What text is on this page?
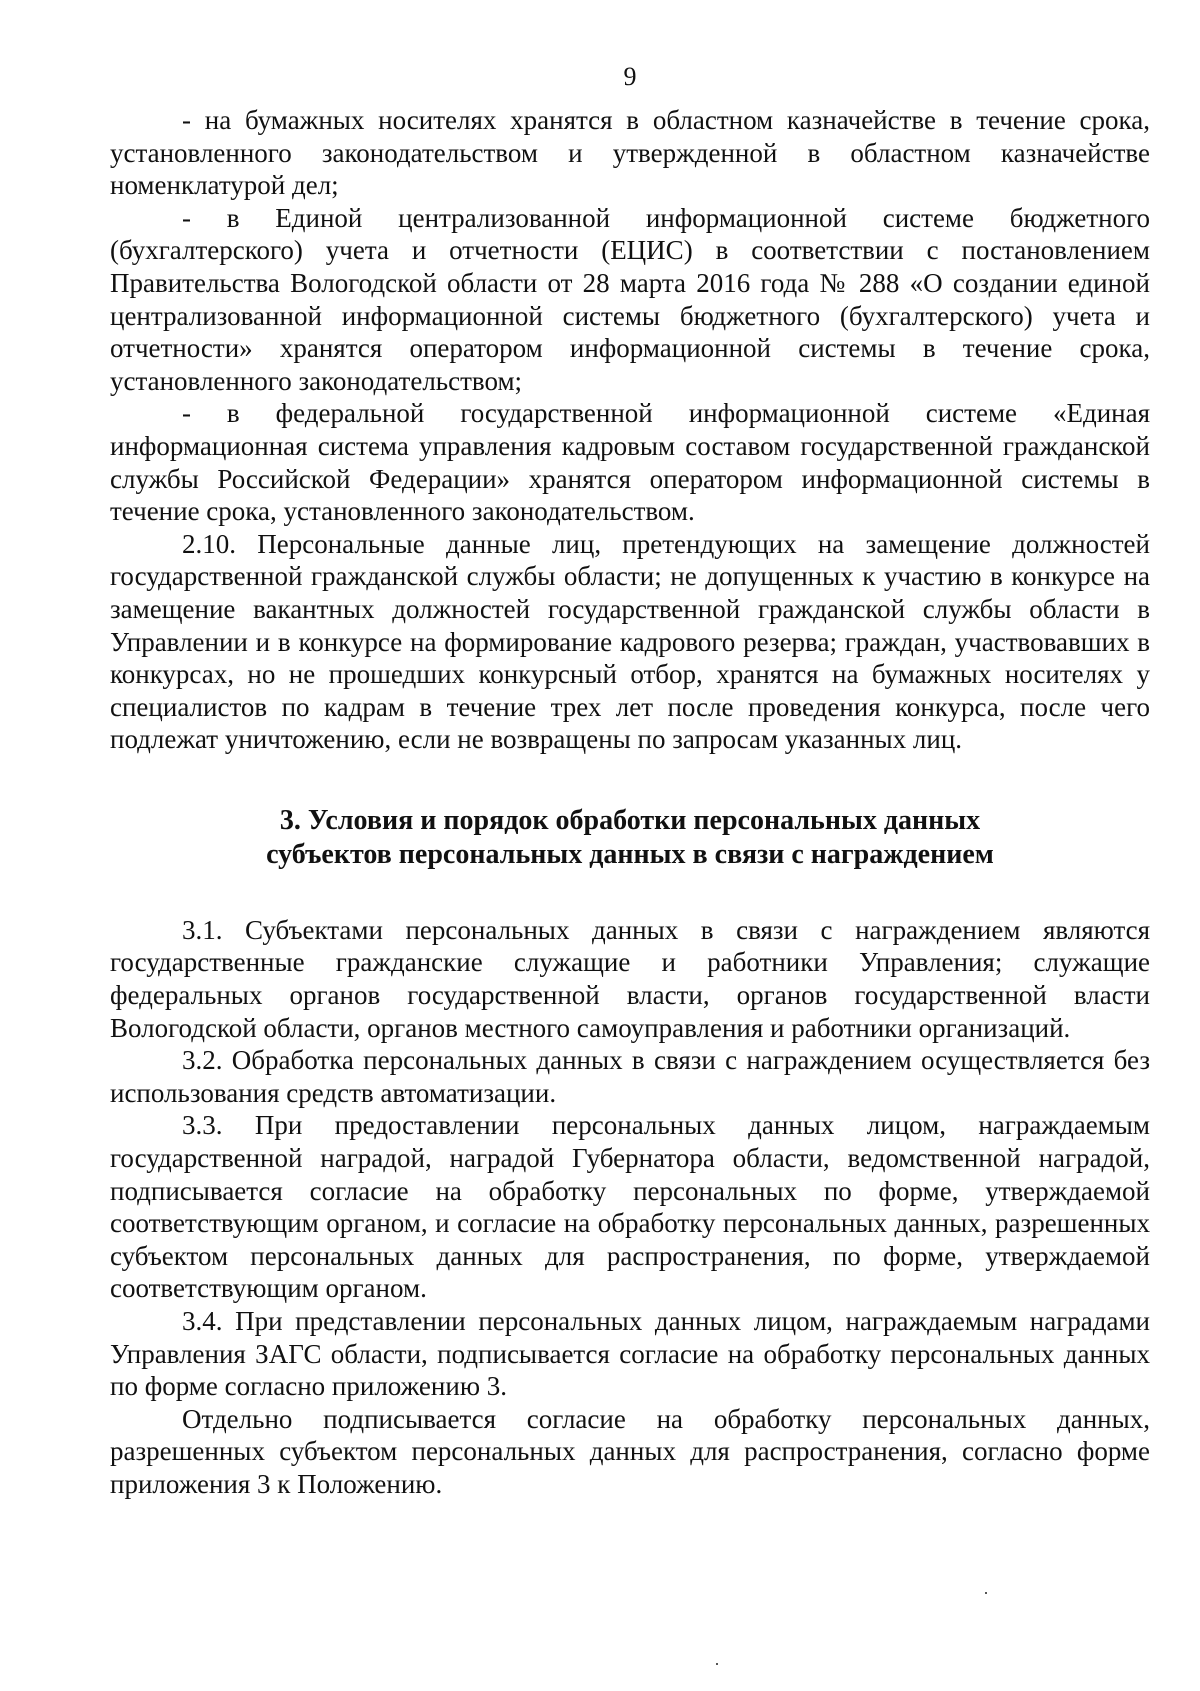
9

- на бумажных носителях хранятся в областном казначействе в течение срока, установленного законодательством и утвержденной в областном казначействе номенклатурой дел;

- в Единой централизованной информационной системе бюджетного (бухгалтерского) учета и отчетности (ЕЦИС) в соответствии с постановлением Правительства Вологодской области от 28 марта 2016 года № 288 «О создании единой централизованной информационной системы бюджетного (бухгалтерского) учета и отчетности» хранятся оператором информационной системы в течение срока, установленного законодательством;

- в федеральной государственной информационной системе «Единая информационная система управления кадровым составом государственной гражданской службы Российской Федерации» хранятся оператором информационной системы в течение срока, установленного законодательством.

2.10. Персональные данные лиц, претендующих на замещение должностей государственной гражданской службы области; не допущенных к участию в конкурсе на замещение вакантных должностей государственной гражданской службы области в Управлении и в конкурсе на формирование кадрового резерва; граждан, участвовавших в конкурсах, но не прошедших конкурсный отбор, хранятся на бумажных носителях у специалистов по кадрам в течение трех лет после проведения конкурса, после чего подлежат уничтожению, если не возвращены по запросам указанных лиц.

3. Условия и порядок обработки персональных данных
субъектов персональных данных в связи с награждением

3.1. Субъектами персональных данных в связи с награждением являются государственные гражданские служащие и работники Управления; служащие федеральных органов государственной власти, органов государственной власти Вологодской области, органов местного самоуправления и работники организаций.

3.2. Обработка персональных данных в связи с награждением осуществляется без использования средств автоматизации.

3.3. При предоставлении персональных данных лицом, награждаемым государственной наградой, наградой Губернатора области, ведомственной наградой, подписывается согласие на обработку персональных по форме, утверждаемой соответствующим органом, и согласие на обработку персональных данных, разрешенных субъектом персональных данных для распространения, по форме, утверждаемой соответствующим органом.

3.4. При представлении персональных данных лицом, награждаемым наградами Управления ЗАГС области, подписывается согласие на обработку персональных данных по форме согласно приложению 3.

Отдельно подписывается согласие на обработку персональных данных, разрешенных субъектом персональных данных для распространения, согласно форме приложения 3 к Положению.
